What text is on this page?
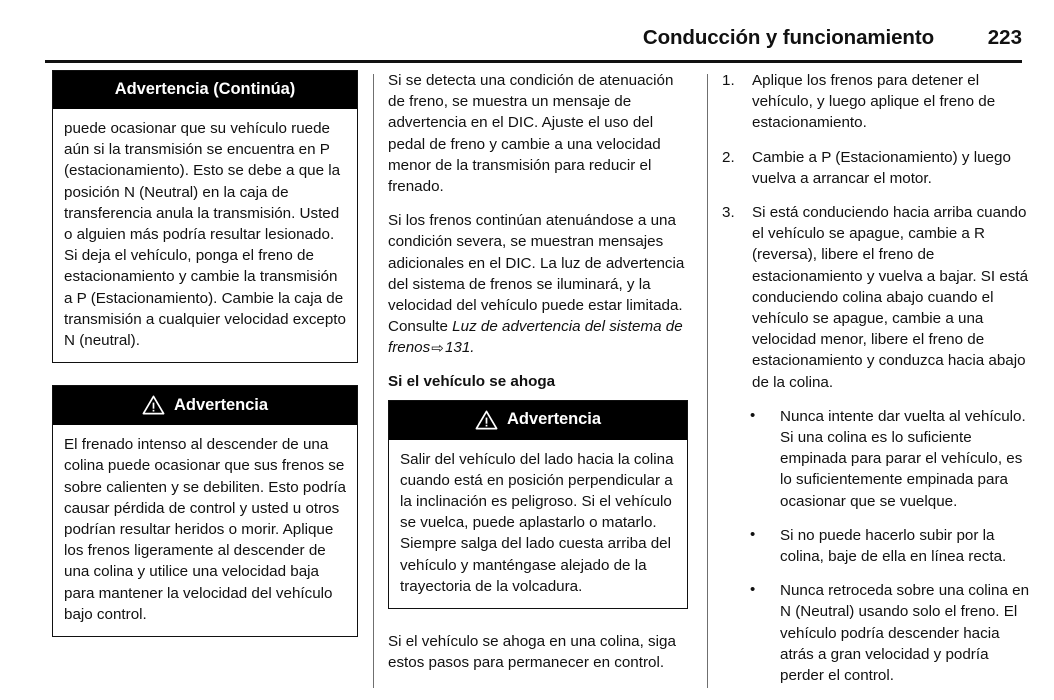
Conducción y funcionamiento	223
Advertencia (Continúa)

puede ocasionar que su vehículo ruede aún si la transmisión se encuentra en P (estacionamiento). Esto se debe a que la posición N (Neutral) en la caja de transferencia anula la transmisión. Usted o alguien más podría resultar lesionado. Si deja el vehículo, ponga el freno de estacionamiento y cambie la transmisión a P (Estacionamiento). Cambie la caja de transmisión a cualquier velocidad excepto N (neutral).

Advertencia

El frenado intenso al descender de una colina puede ocasionar que sus frenos se sobre calienten y se debiliten. Esto podría causar pérdida de control y usted u otros podrían resultar heridos o morir. Aplique los frenos ligeramente al descender de una colina y utilice una velocidad baja para mantener la velocidad del vehículo bajo control.

Si se detecta una condición de atenuación de freno, se muestra un mensaje de advertencia en el DIC. Ajuste el uso del pedal de freno y cambie a una velocidad menor de la transmisión para reducir el frenado.

Si los frenos continúan atenuándose a una condición severa, se muestran mensajes adicionales en el DIC. La luz de advertencia del sistema de frenos se iluminará, y la velocidad del vehículo puede estar limitada. Consulte Luz de advertencia del sistema de frenos⇨131.

Si el vehículo se ahoga
Advertencia

Salir del vehículo del lado hacia la colina cuando está en posición perpendicular a la inclinación es peligroso. Si el vehículo se vuelca, puede aplastarlo o matarlo. Siempre salga del lado cuesta arriba del vehículo y manténgase alejado de la trayectoria de la volcadura.

Si el vehículo se ahoga en una colina, siga estos pasos para permanecer en control.

1.	Aplique los frenos para detener el vehículo, y luego aplique el freno de estacionamiento.
2.	Cambie a P (Estacionamiento) y luego vuelva a arrancar el motor.
3.	Si está conduciendo hacia arriba cuando el vehículo se apague, cambie a R (reversa), libere el freno de estacionamiento y vuelva a bajar. SI está conduciendo colina abajo cuando el vehículo se apague, cambie a una velocidad menor, libere el freno de estacionamiento y conduzca hacia abajo de la colina.
•	Nunca intente dar vuelta al vehículo. Si una colina es lo suficiente empinada para parar el vehículo, es lo suficientemente empinada para ocasionar que se vuelque.
•	Si no puede hacerlo subir por la colina, baje de ella en línea recta.
•	Nunca retroceda sobre una colina en N (Neutral) usando solo el freno. El vehículo podría descender hacia atrás a gran velocidad y podría perder el control.
